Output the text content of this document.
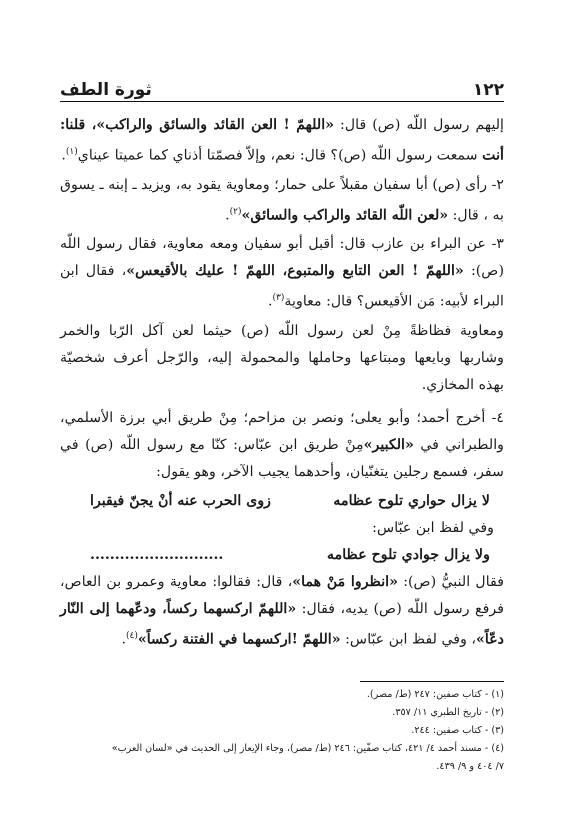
١٢٢
ثورة الطف

إليهم رسول اللّه (ص) قال: «اللهمّ ! العن القائد والسائق والراكب»، قلنا: أنت سمعت رسول اللّه (ص)؟ قال: نعم، وإلاّ فصمّتا أذناي كما عميتا عيناي$^{(١)}$.

٢- رأى (ص) أبا سفيان مقبلاً على حمار؛ ومعاوية يقود به، ويزيد ـ إبنه ـ يسوق به ، قال: «لعن اللّه القائد والراكب والسائق»$^{(٢)}$.

٣- عن البراء بن عازب قال: أقبل أبو سفيان ومعه معاوية، فقال رسول اللّه (ص): «اللهمّ ! العن التابع والمتبوع، اللهمّ ! عليك بالأقيعس»، فقال ابن البراء لأبيه: مَن الأقيعس؟ قال: معاوية$^{(٣)}$.

ومعاوية فظاظةً مِنْ لعن رسول اللّه (ص) حيثما لعن آكل الرّبا والخمر وشاربها وبايعها ومبتاعها وحاملها والمحمولة إليه، والرّجل أعرف شخصيّة بهذه المخازي.

٤- أخرج أحمد؛ وأبو يعلى؛ ونصر بن مزاحم؛ مِنْ طريق أبي برزة الأسلمي، والطبراني في «الكبير»مِنْ طريق ابن عبّاس: كنّا مع رسول اللّه (ص) في سفر، فسمع رجلين يتغنّيان، وأحدهما يجيب الآخر، وهو يقول:

لا يزال حواري تلوح عظامه
زوى الحرب عنه أنْ يجنّ فيقبرا
وفي لفظ ابن عبّاس:
ولا يزال جوادي تلوح عظامه
...........................

فقال النبيُّ (ص): «انظروا مَنْ هما»، قال: فقالوا: معاوية وعمرو بن العاص، فرفع رسول اللّه (ص) يديه، فقال: «اللهمّ اركسهما ركساً، ودعّهما إلى النّار دعّاً»، وفي لفظ ابن عبّاس: «اللهمّ !اركسهما في الفتنة ركساً»$^{(٤)}$.

(١) - كتاب صفين: ٢٤٧ (ط/ مصر).

(٢) - تاريخ الطبري ١١/ ٣٥٧.

(٣) - كتاب صفين: ٢٤٤.

(٤) - مسند أحمد ٤/ ٤٢١، كتاب صفّين: ٢٤٦ (ط/ مصر)، وجاء الإيعاز إلى الحديث في «لسان العرب»

٧/ ٤٠٤ و ٩/ ٤٣٩.
